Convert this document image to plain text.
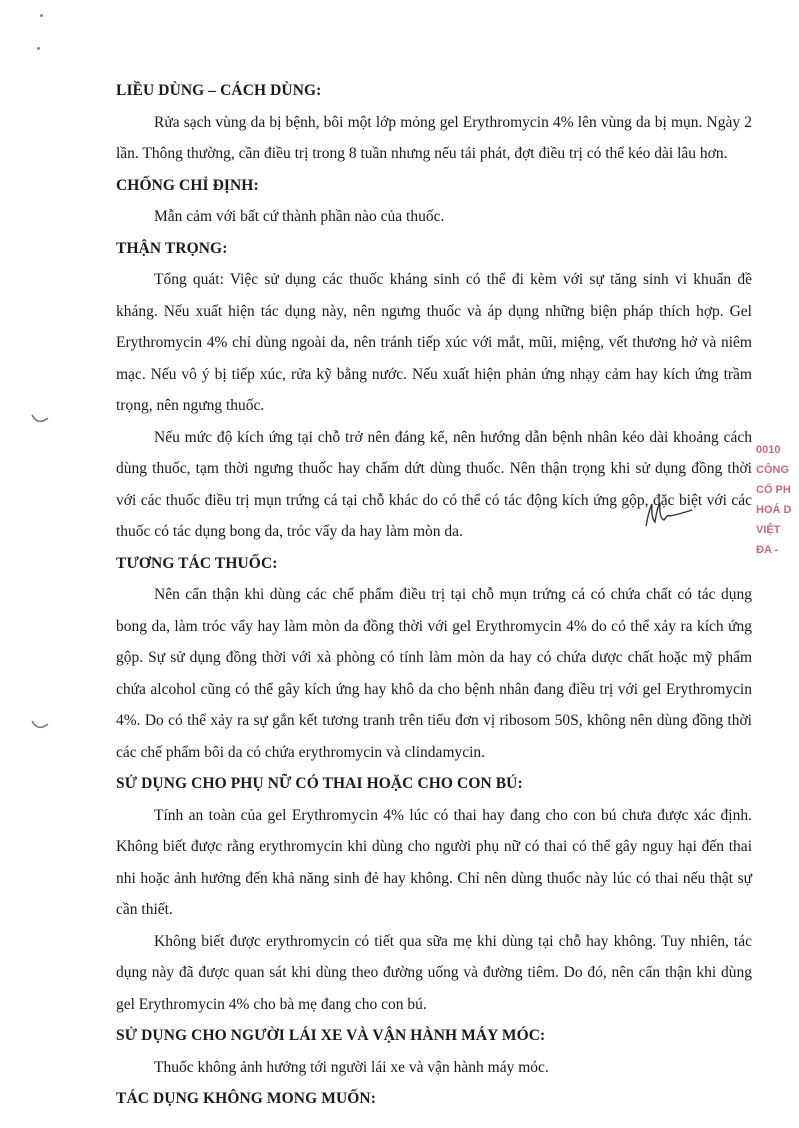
0010
CÔNG
CỔ PH
HOÁ D
VIỆT
ĐA -
LIỀU DÙNG – CÁCH DÙNG:

Rửa sạch vùng da bị bệnh, bôi một lớp mỏng gel Erythromycin 4% lên vùng da bị mụn. Ngày 2 lần. Thông thường, cần điều trị trong 8 tuần nhưng nếu tái phát, đợt điều trị có thể kéo dài lâu hơn.

CHỐNG CHỈ ĐỊNH:

Mẫn cảm với bất cứ thành phần nào của thuốc.

THẬN TRỌNG:

Tổng quát: Việc sử dụng các thuốc kháng sinh có thể đi kèm với sự tăng sinh vi khuẩn đề kháng. Nếu xuất hiện tác dụng này, nên ngưng thuốc và áp dụng những biện pháp thích hợp. Gel Erythromycin 4% chỉ dùng ngoài da, nên tránh tiếp xúc với mắt, mũi, miệng, vết thương hở và niêm mạc. Nếu vô ý bị tiếp xúc, rửa kỹ bằng nước. Nếu xuất hiện phản ứng nhạy cảm hay kích ứng trầm trọng, nên ngưng thuốc.

Nếu mức độ kích ứng tại chỗ trở nên đáng kể, nên hướng dẫn bệnh nhân kéo dài khoảng cách dùng thuốc, tạm thời ngưng thuốc hay chấm dứt dùng thuốc. Nên thận trọng khi sử dụng đồng thời với các thuốc điều trị mụn trứng cá tại chỗ khác do có thể có tác động kích ứng gộp, đặc biệt với các thuốc có tác dụng bong da, tróc vẩy da hay làm mòn da.

TƯƠNG TÁC THUỐC:

Nên cẩn thận khi dùng các chế phẩm điều trị tại chỗ mụn trứng cá có chứa chất có tác dụng bong da, làm tróc vẩy hay làm mòn da đồng thời với gel Erythromycin 4% do có thể xảy ra kích ứng gộp. Sự sử dụng đồng thời với xà phòng có tính làm mòn da hay có chứa dược chất hoặc mỹ phẩm chứa alcohol cũng có thể gây kích ứng hay khô da cho bệnh nhân đang điều trị với gel Erythromycin 4%. Do có thể xảy ra sự gắn kết tương tranh trên tiểu đơn vị ribosom 50S, không nên dùng đồng thời các chế phẩm bôi da có chứa erythromycin và clindamycin.

SỬ DỤNG CHO PHỤ NỮ CÓ THAI HOẶC CHO CON BÚ:

Tính an toàn của gel Erythromycin 4% lúc có thai hay đang cho con bú chưa được xác định. Không biết được rằng erythromycin khi dùng cho người phụ nữ có thai có thể gây nguy hại đến thai nhi hoặc ảnh hưởng đến khả năng sinh đẻ hay không. Chỉ nên dùng thuốc này lúc có thai nếu thật sự cần thiết.

Không biết được erythromycin có tiết qua sữa mẹ khi dùng tại chỗ hay không. Tuy nhiên, tác dụng này đã được quan sát khi dùng theo đường uống và đường tiêm. Do đó, nên cẩn thận khi dùng gel Erythromycin 4% cho bà mẹ đang cho con bú.

SỬ DỤNG CHO NGƯỜI LÁI XE VÀ VẬN HÀNH MÁY MÓC:

Thuốc không ảnh hưởng tới người lái xe và vận hành máy móc.

TÁC DỤNG KHÔNG MONG MUỐN:
